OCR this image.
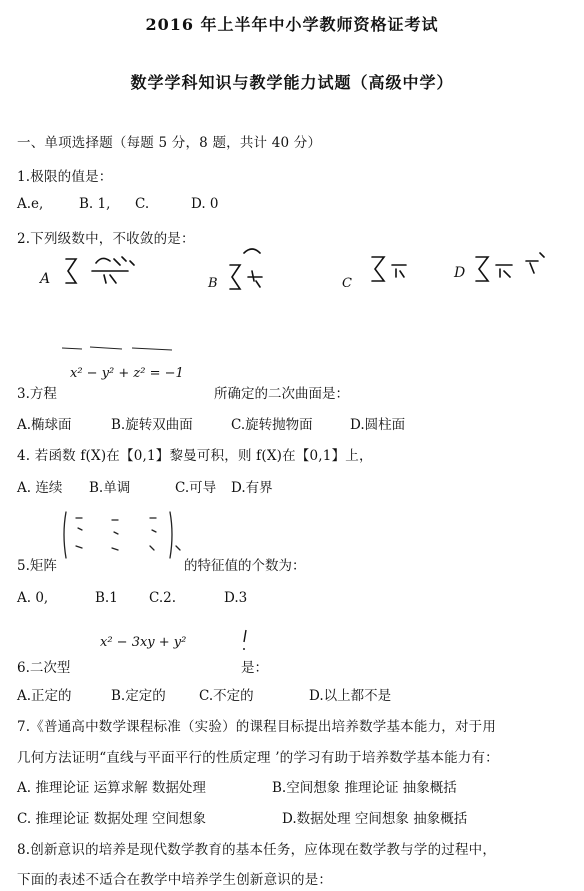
2016 年上半年中小学教师资格证考试
数学学科知识与教学能力试题（高级中学）
一、单项选择题（每题 5 分，8 题，共计 40 分）
1.极限的值是：
A.e,	B. 1, C.	D. 0
2.下列级数中，不收敛的是：
A	B	C
D
x² − y² + z² = −1
3.方程	所确定的二次曲面是：
A.椭球面	B.旋转双曲面	C.旋转抛物面	D.圆柱面
4. 若函数 f(X)在【0,1】黎曼可积，则 f(X)在【0,1】上，
A. 连续 B.单调	C.可导 D.有界
5.矩阵	的特征值的个数为：
A. 0,	B.1 C.2.	D.3
x² − 3xy + y²
6.二次型	是：
A.正定的	B.定定的 C.不定的	D.以上都不是
7.《普通高中数学课程标准（实验）的课程目标提出培养数学基本能力，对于用
几何方法证明“直线与平面平行的性质定理 ’的学习有助于培养数学基本能力有：
A. 推理论证 运算求解 数据处理	B.空间想象 推理论证 抽象概括
C. 推理论证 数据处理 空间想象	D.数据处理 空间想象 抽象概括
8.创新意识的培养是现代数学教育的基本任务，应体现在数学教与学的过程中，
下面的表述不适合在教学中培养学生创新意识的是：
